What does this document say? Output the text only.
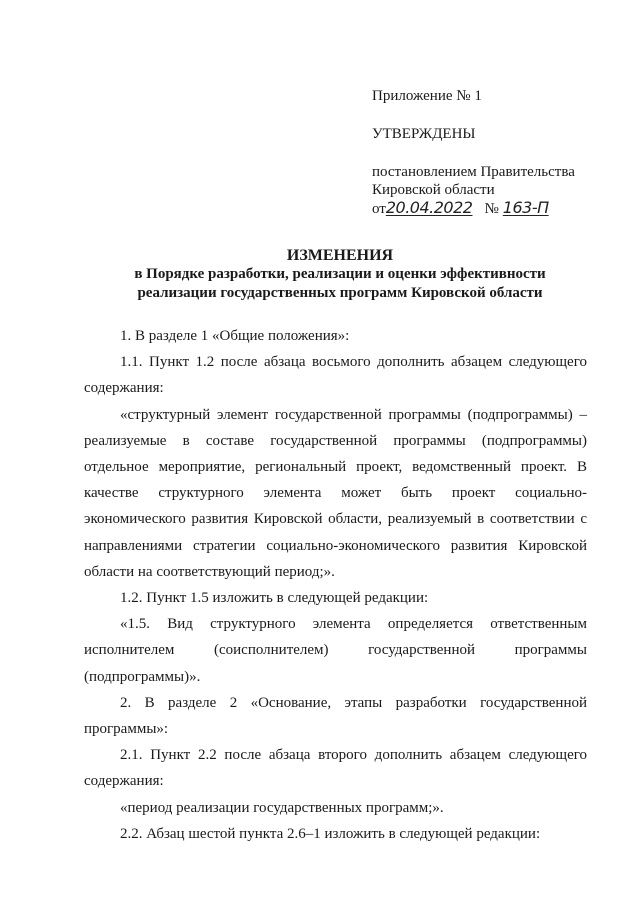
Приложение № 1
УТВЕРЖДЕНЫ
постановлением Правительства
Кировской области
от20.04.2022 № 163-П
ИЗМЕНЕНИЯ
в Порядке разработки, реализации и оценки эффективности
реализации государственных программ Кировской области

1. В разделе 1 «Общие положения»:

1.1. Пункт 1.2 после абзаца восьмого дополнить абзацем следующего содержания:

«структурный элемент государственной программы (подпрограммы) – реализуемые в составе государственной программы (подпрограммы) отдельное мероприятие, региональный проект, ведомственный проект. В качестве структурного элемента может быть проект социально-экономического развития Кировской области, реализуемый в соответствии с направлениями стратегии социально-экономического развития Кировской области на соответствующий период;».

1.2. Пункт 1.5 изложить в следующей редакции:

«1.5. Вид структурного элемента определяется ответственным исполнителем (соисполнителем) государственной программы (подпрограммы)».

2. В разделе 2 «Основание, этапы разработки государственной программы»:

2.1. Пункт 2.2 после абзаца второго дополнить абзацем следующего содержания:

«период реализации государственных программ;».

2.2. Абзац шестой пункта 2.6–1 изложить в следующей редакции:
